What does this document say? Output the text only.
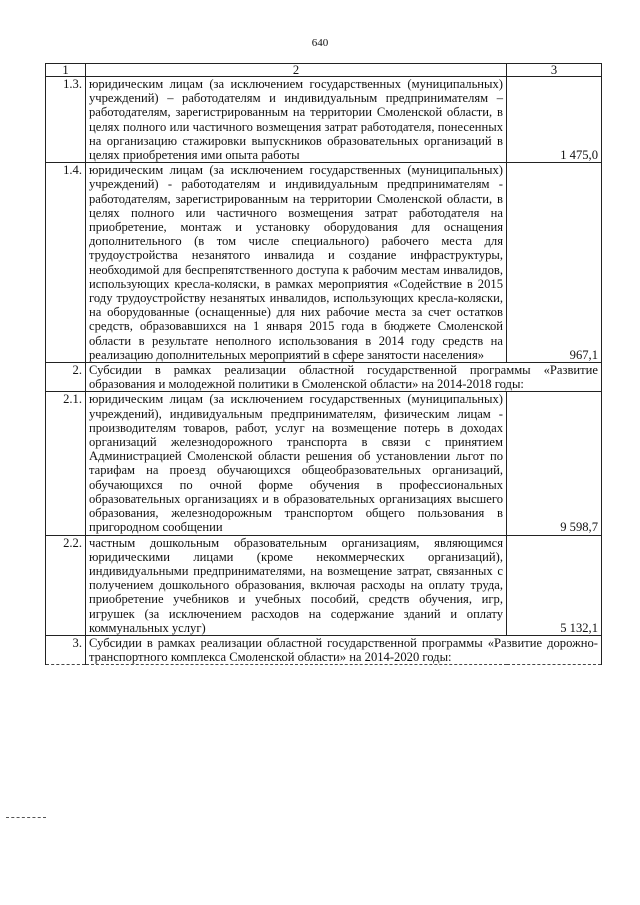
640
1	2	3
1.3.	юридическим лицам (за исключением государственных (муниципальных) учреждений) – работодателям и индивидуальным предпринимателям – работодателям, зарегистрированным на территории Смоленской области, в целях полного или частичного возмещения затрат работодателя, понесенных на организацию стажировки выпускников образовательных организаций в целях приобретения ими опыта работы	1 475,0
1.4.	юридическим лицам (за исключением государственных (муниципальных) учреждений) - работодателям и индивидуальным предпринимателям - работодателям, зарегистрированным на территории Смоленской области, в целях полного или частичного возмещения затрат работодателя на приобретение, монтаж и установку оборудования для оснащения дополнительного (в том числе специального) рабочего места для трудоустройства незанятого инвалида и создание инфраструктуры, необходимой для беспрепятственного доступа к рабочим местам инвалидов, использующих кресла-коляски, в рамках мероприятия «Содействие в 2015 году трудоустройству незанятых инвалидов, использующих кресла-коляски, на оборудованные (оснащенные) для них рабочие места за счет остатков средств, образовавшихся на 1 января 2015 года в бюджете Смоленской области в результате неполного использования в 2014 году средств на реализацию дополнительных мероприятий в сфере занятости населения»	967,1
2.	Субсидии в рамках реализации областной государственной программы «Развитие образования и молодежной политики в Смоленской области» на 2014-2018 годы:	
2.1.	юридическим лицам (за исключением государственных (муниципальных) учреждений), индивидуальным предпринимателям, физическим лицам - производителям товаров, работ, услуг на возмещение потерь в доходах организаций железнодорожного транспорта в связи с принятием Администрацией Смоленской области решения об установлении льгот по тарифам на проезд обучающихся общеобразовательных организаций, обучающихся по очной форме обучения в профессиональных образовательных организациях и в образовательных организациях высшего образования, железнодорожным транспортом общего пользования в пригородном сообщении	9 598,7
2.2.	частным дошкольным образовательным организациям, являющимся юридическими лицами (кроме некоммерческих организаций), индивидуальными предпринимателями, на возмещение затрат, связанных с получением дошкольного образования, включая расходы на оплату труда, приобретение учебников и учебных пособий, средств обучения, игр, игрушек (за исключением расходов на содержание зданий и оплату коммунальных услуг)	5 132,1
3.	Субсидии в рамках реализации областной государственной программы «Развитие дорожно-транспортного комплекса Смоленской области» на 2014-2020 годы:	
